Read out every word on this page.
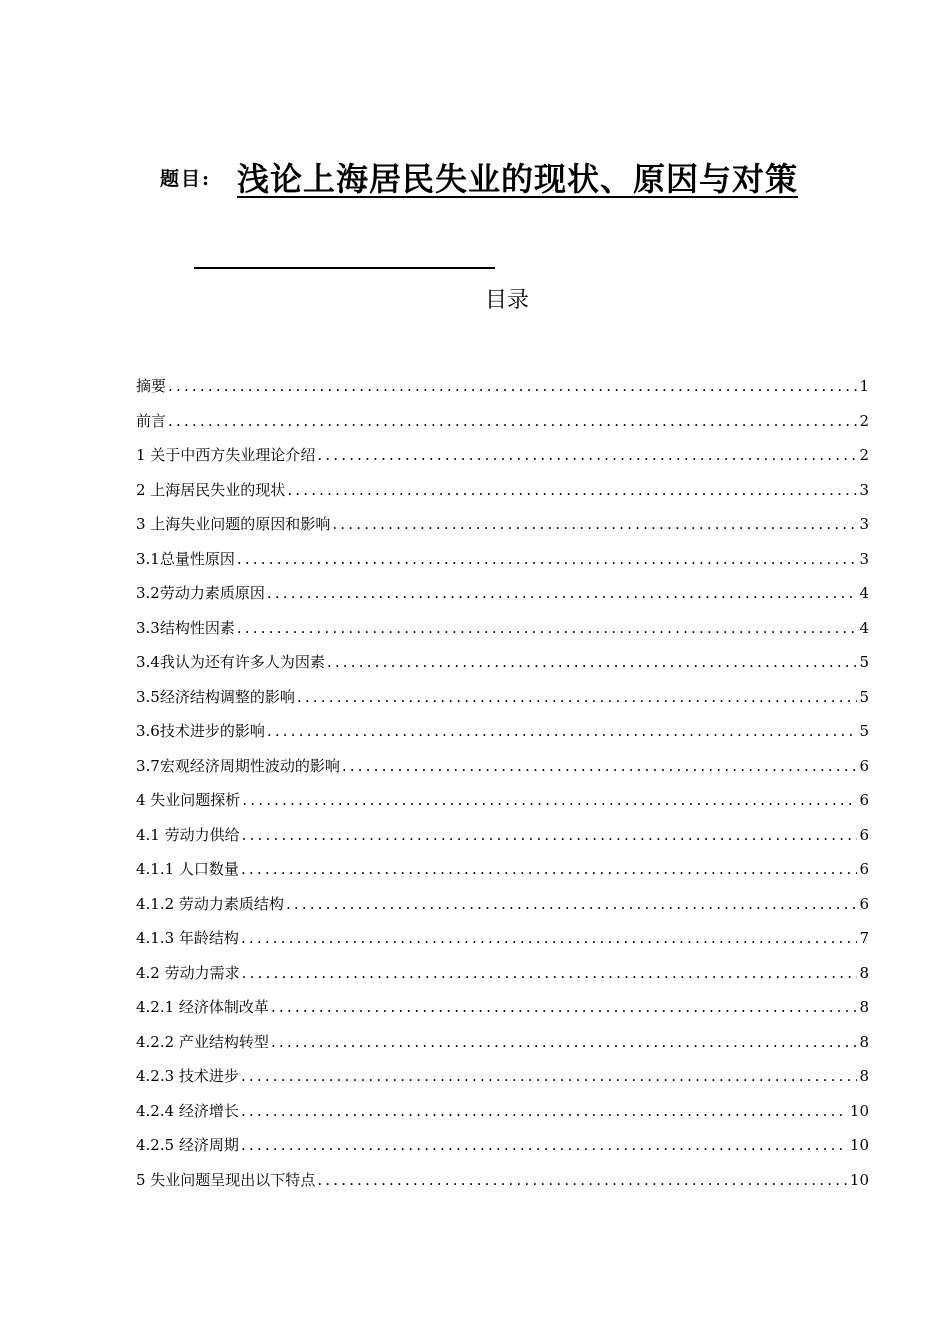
题目: 浅论上海居民失业的现状、原因与对策
目录
摘要 .....	1
前言 .....	2
1 关于中西方失业理论介绍 .....	2
2 上海居民失业的现状 .....	3
3 上海失业问题的原因和影响 .....	3
3.1总量性原因 .....	3
3.2劳动力素质原因 .....	4
3.3结构性因素 .....	4
3.4我认为还有许多人为因素 .....	5
3.5经济结构调整的影响 .....	5
3.6技术进步的影响 .....	5
3.7宏观经济周期性波动的影响 .....	6
4 失业问题探析 .....	6
4.1 劳动力供给 .....	6
4.1.1 人口数量 .....	6
4.1.2 劳动力素质结构 .....	6
4.1.3 年龄结构 .....	7
4.2 劳动力需求 .....	8
4.2.1 经济体制改革 .....	8
4.2.2 产业结构转型 .....	8
4.2.3 技术进步 .....	8
4.2.4 经济增长 .....	10
4.2.5 经济周期 .....	10
5 失业问题呈现出以下特点 .....	10
